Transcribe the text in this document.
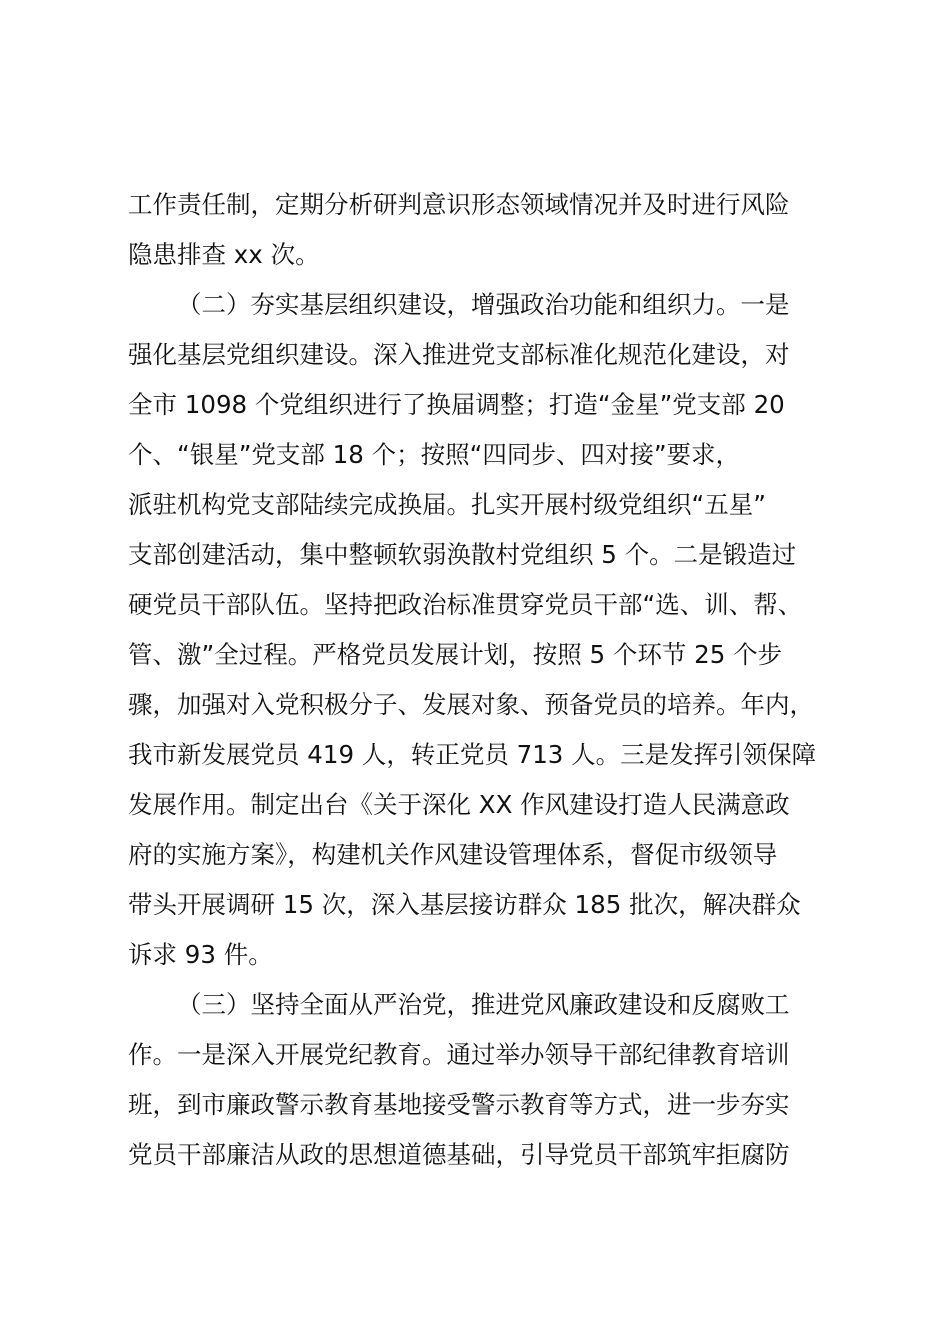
工作责任制，定期分析研判意识形态领域情况并及时进行风险
隐患排查 xx 次。
（二）夯实基层组织建设，增强政治功能和组织力。一是
强化基层党组织建设。深入推进党支部标准化规范化建设，对
全市 1098 个党组织进行了换届调整；打造“金星”党支部 20
个、“银星”党支部 18 个；按照“四同步、四对接”要求，
派驻机构党支部陆续完成换届。扎实开展村级党组织“五星”
支部创建活动，集中整顿软弱涣散村党组织 5 个。二是锻造过
硬党员干部队伍。坚持把政治标准贯穿党员干部“选、训、帮、
管、激”全过程。严格党员发展计划，按照 5 个环节 25 个步
骤，加强对入党积极分子、发展对象、预备党员的培养。年内，
我市新发展党员 419 人，转正党员 713 人。三是发挥引领保障
发展作用。制定出台《关于深化 XX 作风建设打造人民满意政
府的实施方案》，构建机关作风建设管理体系，督促市级领导
带头开展调研 15 次，深入基层接访群众 185 批次，解决群众
诉求 93 件。
（三）坚持全面从严治党，推进党风廉政建设和反腐败工
作。一是深入开展党纪教育。通过举办领导干部纪律教育培训
班，到市廉政警示教育基地接受警示教育等方式，进一步夯实
党员干部廉洁从政的思想道德基础，引导党员干部筑牢拒腐防
